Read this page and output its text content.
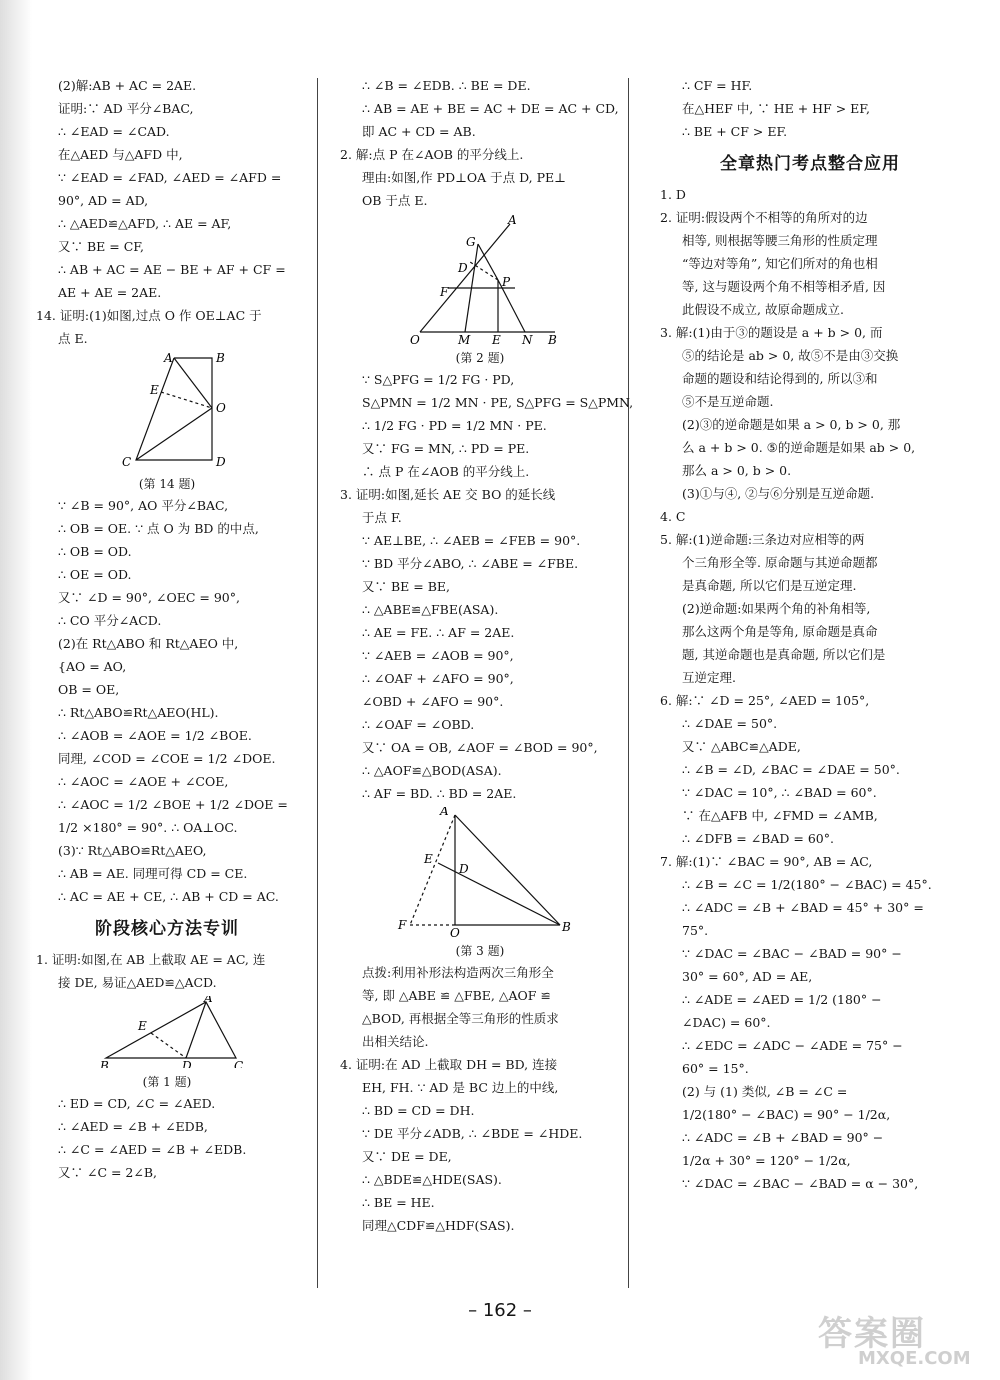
(2)解:AB + AC = 2AE.
证明:∵ AD 平分∠BAC,
∴ ∠EAD = ∠CAD.
在△AED 与△AFD 中,
∵ ∠EAD = ∠FAD, ∠AED = ∠AFD =
90°, AD = AD,
∴ △AED≌△AFD, ∴ AE = AF,
又∵ BE = CF,
∴ AB + AC = AE − BE + AF + CF =
AE + AE = 2AE.
14. 证明:(1)如图,过点 O 作 OE⊥AC 于
点 E.
A	B
E
O
C	D
(第 14 题)
∵ ∠B = 90°, AO 平分∠BAC,
∴ OB = OE. ∵ 点 O 为 BD 的中点,
∴ OB = OD.
∴ OE = OD.
又∵ ∠D = 90°, ∠OEC = 90°,
∴ CO 平分∠ACD.
(2)在 Rt△ABO 和 Rt△AEO 中,
{AO = AO,
OB = OE,
∴ Rt△ABO≌Rt△AEO(HL).
∴ ∠AOB = ∠AOE = 1/2 ∠BOE.
同理, ∠COD = ∠COE = 1/2 ∠DOE.
∴ ∠AOC = ∠AOE + ∠COE,
∴ ∠AOC = 1/2 ∠BOE + 1/2 ∠DOE =
1/2 ×180° = 90°. ∴ OA⊥OC.
(3)∵ Rt△ABO≌Rt△AEO,
∴ AB = AE. 同理可得 CD = CE.
∴ AC = AE + CE, ∴ AB + CD = AC.
阶段核心方法专训
1. 证明:如图,在 AB 上截取 AE = AC, 连
接 DE, 易证△AED≌△ACD.
A
E
B	D	C
(第 1 题)
∴ ED = CD, ∠C = ∠AED.
∴ ∠AED = ∠B + ∠EDB,
∴ ∠C = ∠AED = ∠B + ∠EDB.
又∵ ∠C = 2∠B,
∴ ∠B = ∠EDB. ∴ BE = DE.
∴ AB = AE + BE = AC + DE = AC + CD,
即 AC + CD = AB.
2. 解:点 P 在∠AOB 的平分线上.
理由:如图,作 PD⊥OA 于点 D, PE⊥
OB 于点 E.
A
G
D
F
P
O	M E N B
(第 2 题)
∵ S△PFG = 1/2 FG · PD,
S△PMN = 1/2 MN · PE, S△PFG = S△PMN,
∴ 1/2 FG · PD = 1/2 MN · PE.
又∵ FG = MN, ∴ PD = PE.
∴ 点 P 在∠AOB 的平分线上.
3. 证明:如图,延长 AE 交 BO 的延长线
于点 F.
∵ AE⊥BE, ∴ ∠AEB = ∠FEB = 90°.
∵ BD 平分∠ABO, ∴ ∠ABE = ∠FBE.
又∵ BE = BE,
∴ △ABE≌△FBE(ASA).
∴ AE = FE. ∴ AF = 2AE.
∵ ∠AEB = ∠AOB = 90°,
∴ ∠OAF + ∠AFO = 90°,
∠OBD + ∠AFO = 90°.
∴ ∠OAF = ∠OBD.
又∵ OA = OB, ∠AOF = ∠BOD = 90°,
∴ △AOF≌△BOD(ASA).
∴ AF = BD. ∴ BD = 2AE.
A
E
D
F
O	B
(第 3 题)
点拨:利用补形法构造两次三角形全
等, 即 △ABE ≌ △FBE, △AOF ≌
△BOD, 再根据全等三角形的性质求
出相关结论.
4. 证明:在 AD 上截取 DH = BD, 连接
EH, FH. ∵ AD 是 BC 边上的中线,
∴ BD = CD = DH.
∵ DE 平分∠ADB, ∴ ∠BDE = ∠HDE.
又∵ DE = DE,
∴ △BDE≌△HDE(SAS).
∴ BE = HE.
同理△CDF≌△HDF(SAS).
∴ CF = HF.
在△HEF 中, ∵ HE + HF > EF,
∴ BE + CF > EF.
全章热门考点整合应用
1. D
2. 证明:假设两个不相等的角所对的边
相等, 则根据等腰三角形的性质定理
“等边对等角”, 知它们所对的角也相
等, 这与题设两个角不相等相矛盾, 因
此假设不成立, 故原命题成立.
3. 解:(1)由于③的题设是 a + b > 0, 而
⑤的结论是 ab > 0, 故⑤不是由③交换
命题的题设和结论得到的, 所以③和
⑤不是互逆命题.
(2)③的逆命题是如果 a > 0, b > 0, 那
么 a + b > 0. ⑤的逆命题是如果 ab > 0,
那么 a > 0, b > 0.
(3)①与④, ②与⑥分别是互逆命题.
4. C
5. 解:(1)逆命题:三条边对应相等的两
个三角形全等. 原命题与其逆命题都
是真命题, 所以它们是互逆定理.
(2)逆命题:如果两个角的补角相等,
那么这两个角是等角, 原命题是真命
题, 其逆命题也是真命题, 所以它们是
互逆定理.
6. 解:∵ ∠D = 25°, ∠AED = 105°,
∴ ∠DAE = 50°.
又∵ △ABC≌△ADE,
∴ ∠B = ∠D, ∠BAC = ∠DAE = 50°.
∵ ∠DAC = 10°, ∴ ∠BAD = 60°.
∵ 在△AFB 中, ∠FMD = ∠AMB,
∴ ∠DFB = ∠BAD = 60°.
7. 解:(1)∵ ∠BAC = 90°, AB = AC,
∴ ∠B = ∠C = 1/2(180° − ∠BAC) = 45°.
∴ ∠ADC = ∠B + ∠BAD = 45° + 30° =
75°.
∵ ∠DAC = ∠BAC − ∠BAD = 90° −
30° = 60°, AD = AE,
∴ ∠ADE = ∠AED = 1/2 (180° −
∠DAC) = 60°.
∴ ∠EDC = ∠ADC − ∠ADE = 75° −
60° = 15°.
(2) 与 (1) 类似, ∠B = ∠C =
1/2(180° − ∠BAC) = 90° − 1/2α,
∴ ∠ADC = ∠B + ∠BAD = 90° −
1/2α + 30° = 120° − 1/2α,
∵ ∠DAC = ∠BAC − ∠BAD = α − 30°,
– 162 –
答案圈
MXQE.COM
